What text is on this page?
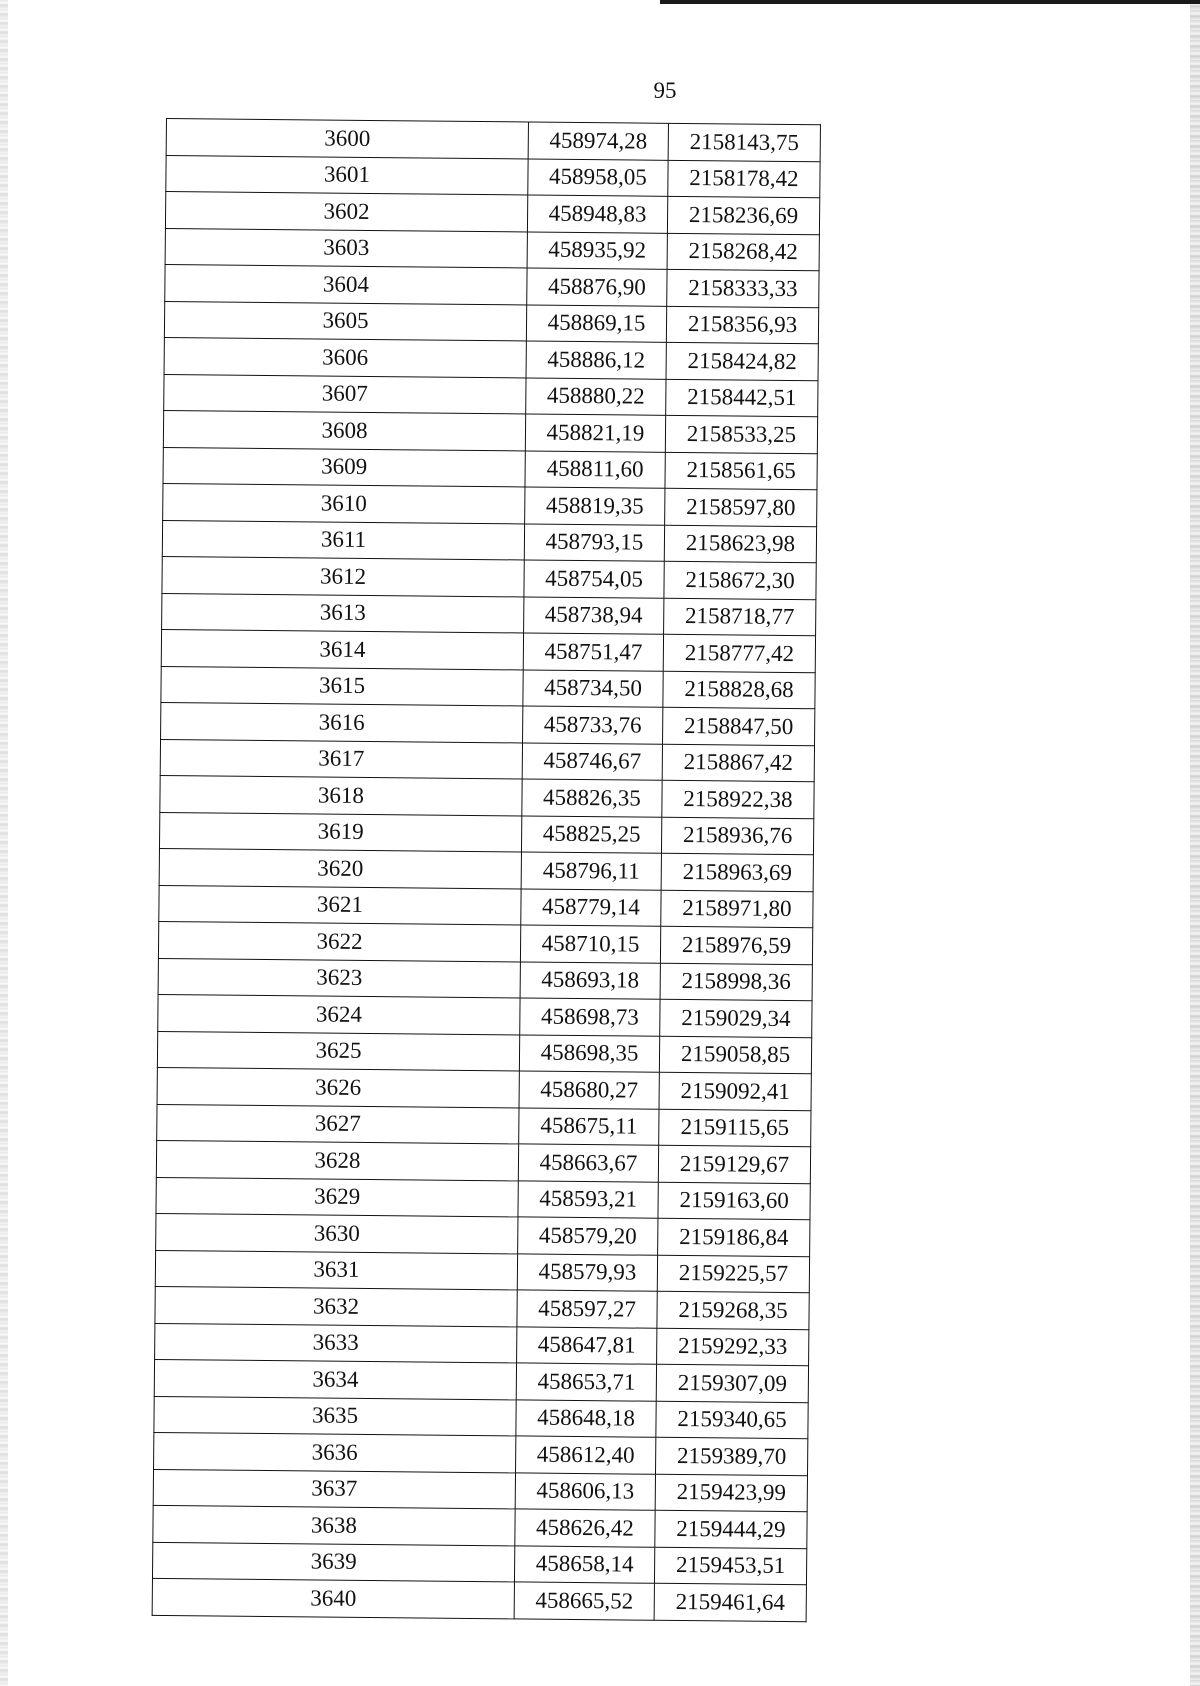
95
3600	458974,28	2158143,75
3601	458958,05	2158178,42
3602	458948,83	2158236,69
3603	458935,92	2158268,42
3604	458876,90	2158333,33
3605	458869,15	2158356,93
3606	458886,12	2158424,82
3607	458880,22	2158442,51
3608	458821,19	2158533,25
3609	458811,60	2158561,65
3610	458819,35	2158597,80
3611	458793,15	2158623,98
3612	458754,05	2158672,30
3613	458738,94	2158718,77
3614	458751,47	2158777,42
3615	458734,50	2158828,68
3616	458733,76	2158847,50
3617	458746,67	2158867,42
3618	458826,35	2158922,38
3619	458825,25	2158936,76
3620	458796,11	2158963,69
3621	458779,14	2158971,80
3622	458710,15	2158976,59
3623	458693,18	2158998,36
3624	458698,73	2159029,34
3625	458698,35	2159058,85
3626	458680,27	2159092,41
3627	458675,11	2159115,65
3628	458663,67	2159129,67
3629	458593,21	2159163,60
3630	458579,20	2159186,84
3631	458579,93	2159225,57
3632	458597,27	2159268,35
3633	458647,81	2159292,33
3634	458653,71	2159307,09
3635	458648,18	2159340,65
3636	458612,40	2159389,70
3637	458606,13	2159423,99
3638	458626,42	2159444,29
3639	458658,14	2159453,51
3640	458665,52	2159461,64
